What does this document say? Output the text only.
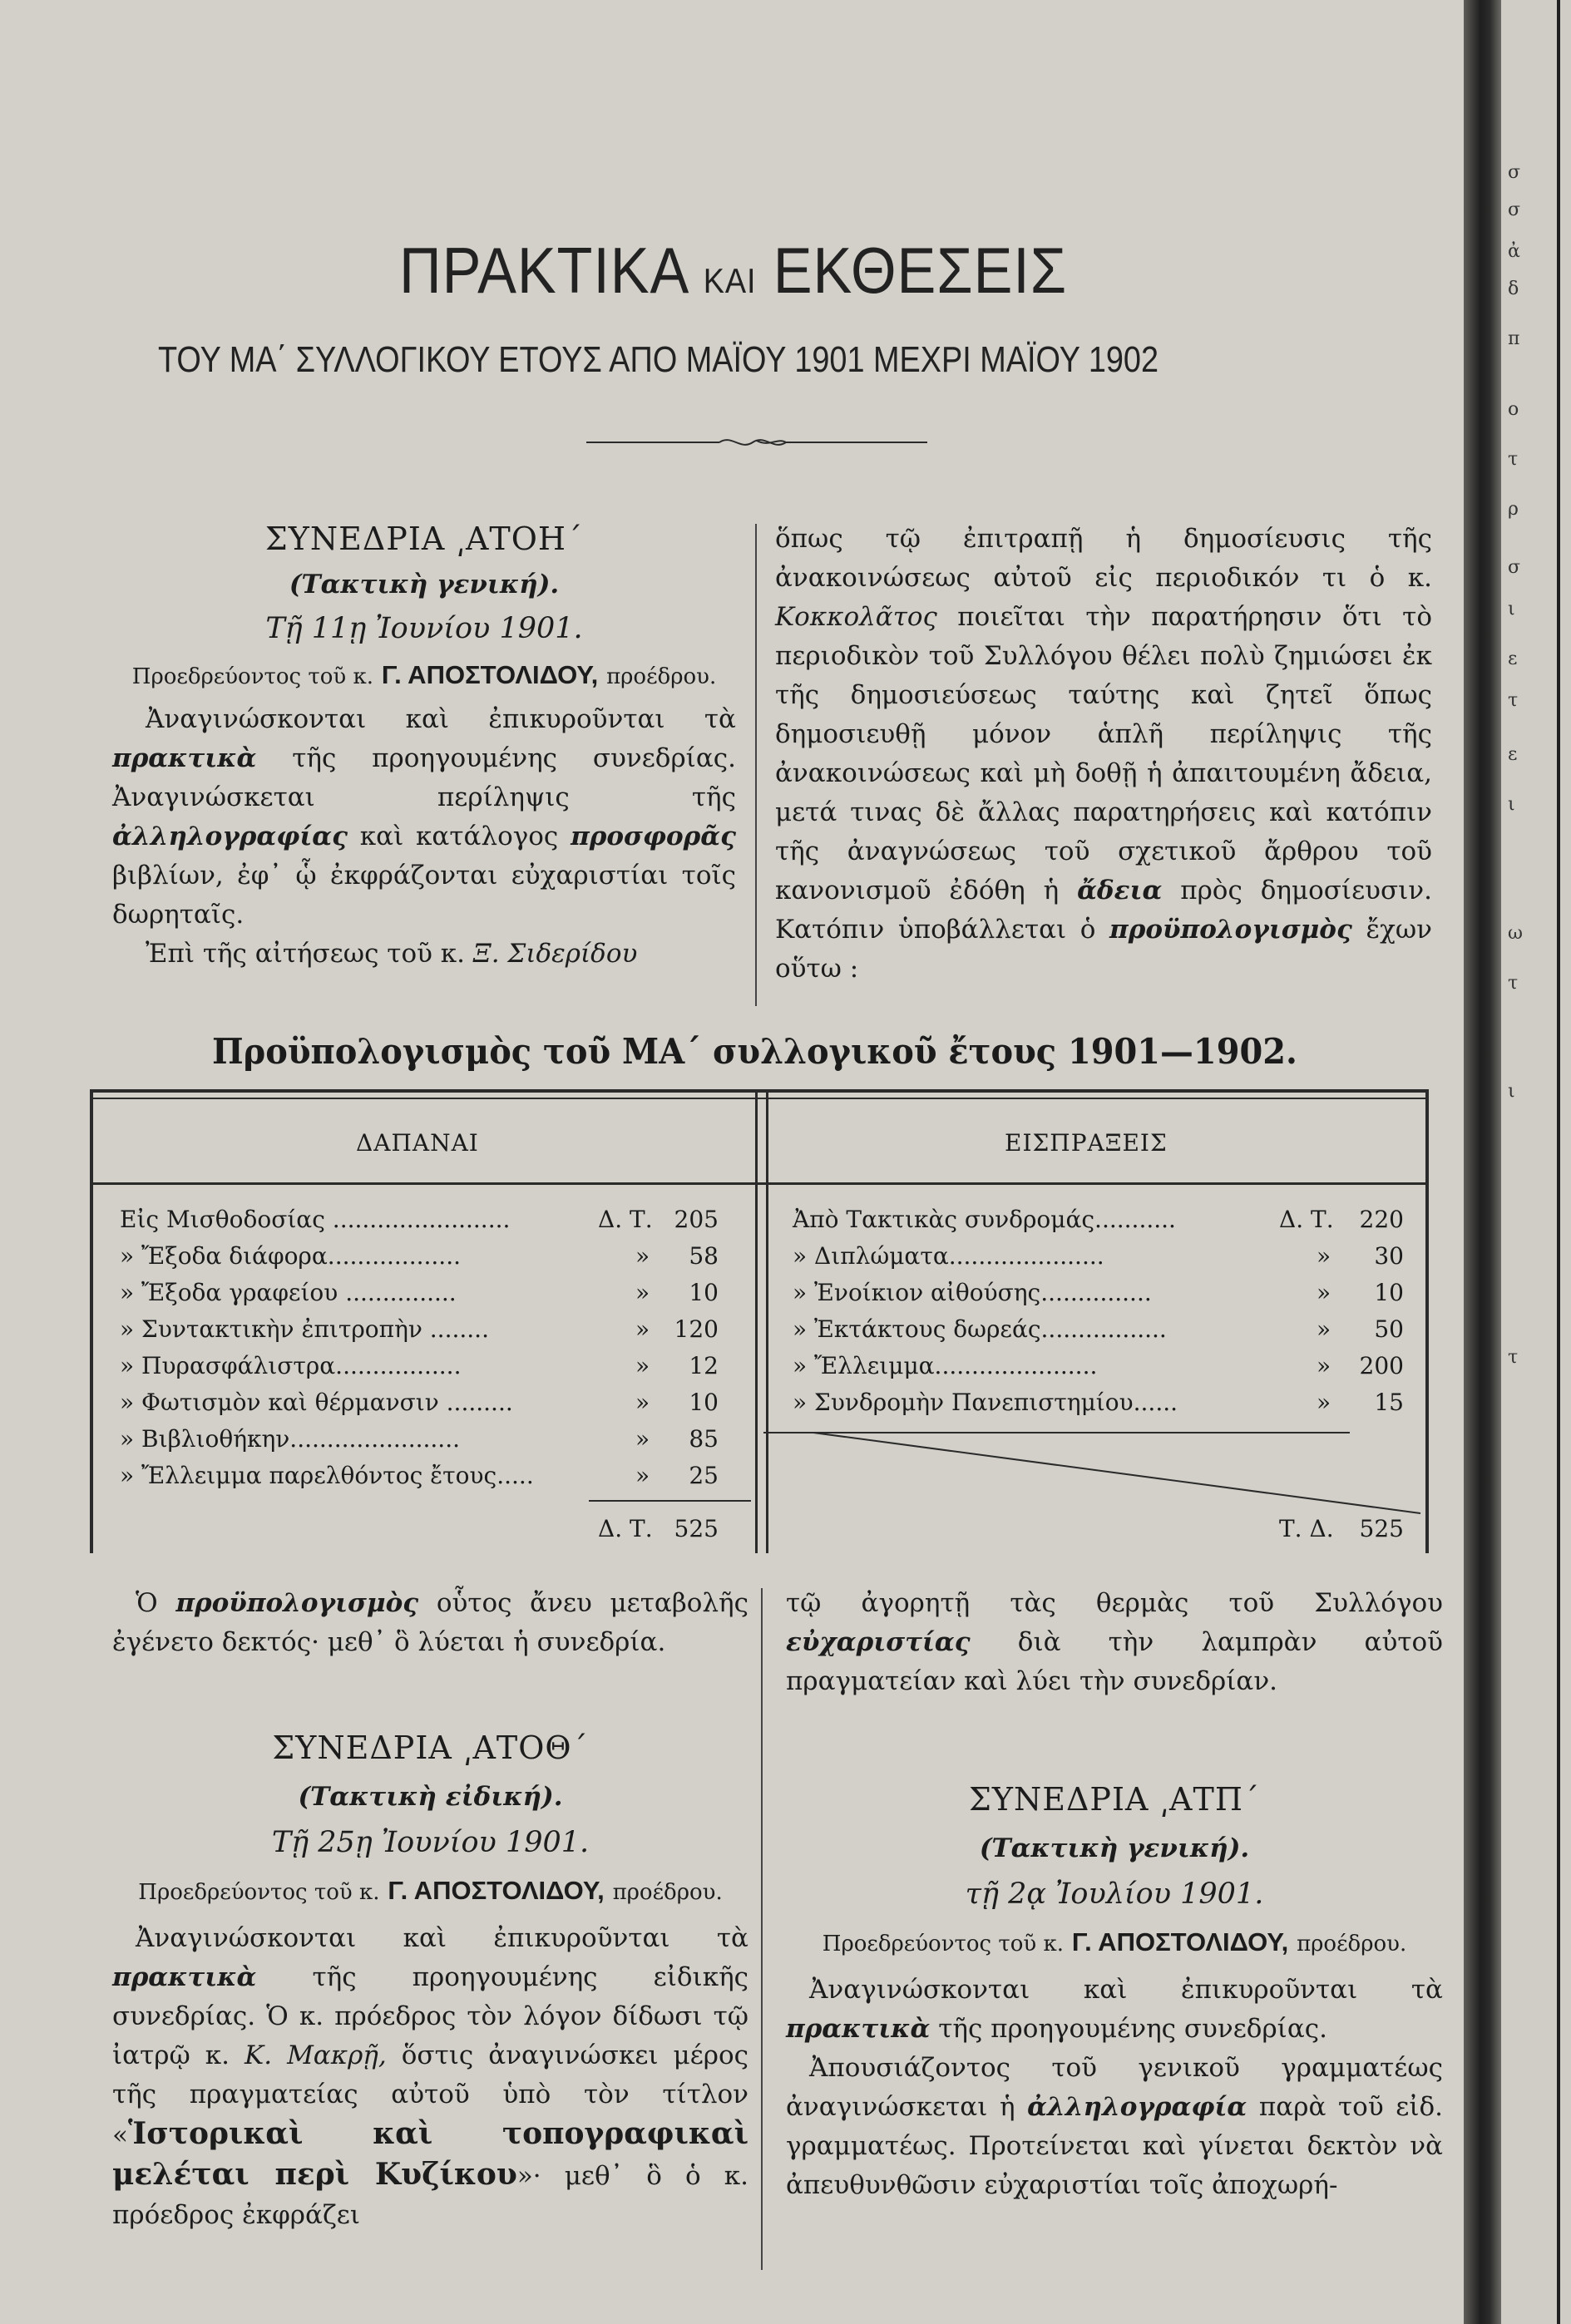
σ
σ
ἀ
δ
π
ο
τ
ρ
σ
ι
ε
τ
ε
ι
ω
τ
ι
τ
ΠΡΑΚΤΙΚΑ ΚΑΙ ΕΚΘΕΣΕΙΣ
ΤΟΥ ΜΑ΄ ΣΥΛΛΟΓΙΚΟΥ ΕΤΟΥΣ ΑΠΟ ΜΑΪΟΥ 1901 ΜΕΧΡΙ ΜΑΪΟΥ 1902
ΣΥΝΕΔΡΙΑ ͵ΑΤΟΗ΄
(Τακτικὴ γενική).
Τῇ 11ῃ Ἰουνίου 1901.
Προεδρεύοντος τοῦ κ. Γ. ΑΠΟΣΤΟΛΙΔΟΥ, προέδρου.

Ἀναγινώσκονται καὶ ἐπικυροῦνται τὰ πρακτικὰ τῆς προηγουμένης συνεδρίας. Ἀναγινώσκεται περίληψις τῆς ἀλληλογραφίας καὶ κατάλογος προσφορᾶς βιβλίων, ἐφ᾽ ᾧ ἐκφράζονται εὐχαριστίαι τοῖς δωρηταῖς.

Ἐπὶ τῆς αἰτήσεως τοῦ κ. Ξ. Σιδερίδου

ὅπως τῷ ἐπιτραπῇ ἡ δημοσίευσις τῆς ἀνακοινώσεως αὐτοῦ εἰς περιοδικόν τι ὁ κ. Κοκκολᾶτος ποιεῖται τὴν παρατήρησιν ὅτι τὸ περιοδικὸν τοῦ Συλλόγου θέλει πολὺ ζημιώσει ἐκ τῆς δημοσιεύσεως ταύτης καὶ ζητεῖ ὅπως δημοσιευθῇ μόνον ἁπλῆ περίληψις τῆς ἀνακοινώσεως καὶ μὴ δοθῇ ἡ ἀπαιτουμένη ἄδεια, μετά τινας δὲ ἄλλας παρατηρήσεις καὶ κατόπιν τῆς ἀναγνώσεως τοῦ σχετικοῦ ἄρθρου τοῦ κανονισμοῦ ἐδόθη ἡ ἄδεια πρὸς δημοσίευσιν. Κατόπιν ὑποβάλλεται ὁ προϋπολογισμὸς ἔχων οὕτω :

Προϋπολογισμὸς τοῦ ΜΑ΄ συλλογικοῦ ἔτους 1901—1902.
ΔΑΠΑΝΑΙ	ΕΙΣΠΡΑΞΕΙΣ
Εἰς Μισθοδοσίας ........................	Δ. Τ. 205
» Ἔξοδα διάφορα..................	»	58
» Ἔξοδα γραφείου ...............	»	10
» Συντακτικὴν ἐπιτροπὴν ........	»	120
» Πυρασφάλιστρα.................	»	12
» Φωτισμὸν καὶ θέρμανσιν .........	»	10
» Βιβλιοθήκην.......................	»	85
» Ἔλλειμμα παρελθόντος ἔτους.....	»	25
Δ. Τ. 525
Ἀπὸ Τακτικὰς συνδρομάς...........	Δ. Τ.	220
» Διπλώματα.....................	»	30
» Ἐνοίκιον αἰθούσης...............	»	10
» Ἐκτάκτους δωρεάς.................	»	50
» Ἔλλειμμα......................	»	200
» Συνδρομὴν Πανεπιστημίου......	»	15
Τ. Δ.	525

Ὁ προϋπολογισμὸς οὗτος ἄνευ μεταβολῆς ἐγένετο δεκτός· μεθ᾽ ὃ λύεται ἡ συνεδρία.

ΣΥΝΕΔΡΙΑ ͵ΑΤΟΘ΄
(Τακτικὴ εἰδική).
Τῇ 25ῃ Ἰουνίου 1901.
Προεδρεύοντος τοῦ κ. Γ. ΑΠΟΣΤΟΛΙΔΟΥ, προέδρου.

Ἀναγινώσκονται καὶ ἐπικυροῦνται τὰ πρακτικὰ τῆς προηγουμένης εἰδικῆς συνεδρίας. Ὁ κ. πρόεδρος τὸν λόγον δίδωσι τῷ ἰατρῷ κ. Κ. Μακρῇ, ὅστις ἀναγινώσκει μέρος τῆς πραγματείας αὐτοῦ ὑπὸ τὸν τίτλον «Ἱστορικαὶ καὶ τοπογραφικαὶ μελέται περὶ Κυζίκου»· μεθ᾽ ὃ ὁ κ. πρόεδρος ἐκφράζει

τῷ ἀγορητῇ τὰς θερμὰς τοῦ Συλλόγου εὐχαριστίας διὰ τὴν λαμπρὰν αὐτοῦ πραγματείαν καὶ λύει τὴν συνεδρίαν.

ΣΥΝΕΔΡΙΑ ͵ΑΤΠ΄
(Τακτικὴ γενική).
τῇ 2ᾳ Ἰουλίου 1901.
Προεδρεύοντος τοῦ κ. Γ. ΑΠΟΣΤΟΛΙΔΟΥ, προέδρου.

Ἀναγινώσκονται καὶ ἐπικυροῦνται τὰ πρακτικὰ τῆς προηγουμένης συνεδρίας.

Ἀπουσιάζοντος τοῦ γενικοῦ γραμματέως ἀναγινώσκεται ἡ ἀλληλογραφία παρὰ τοῦ εἰδ. γραμματέως. Προτείνεται καὶ γίνεται δεκτὸν νὰ ἀπευθυνθῶσιν εὐχαριστίαι τοῖς ἀποχωρή-
